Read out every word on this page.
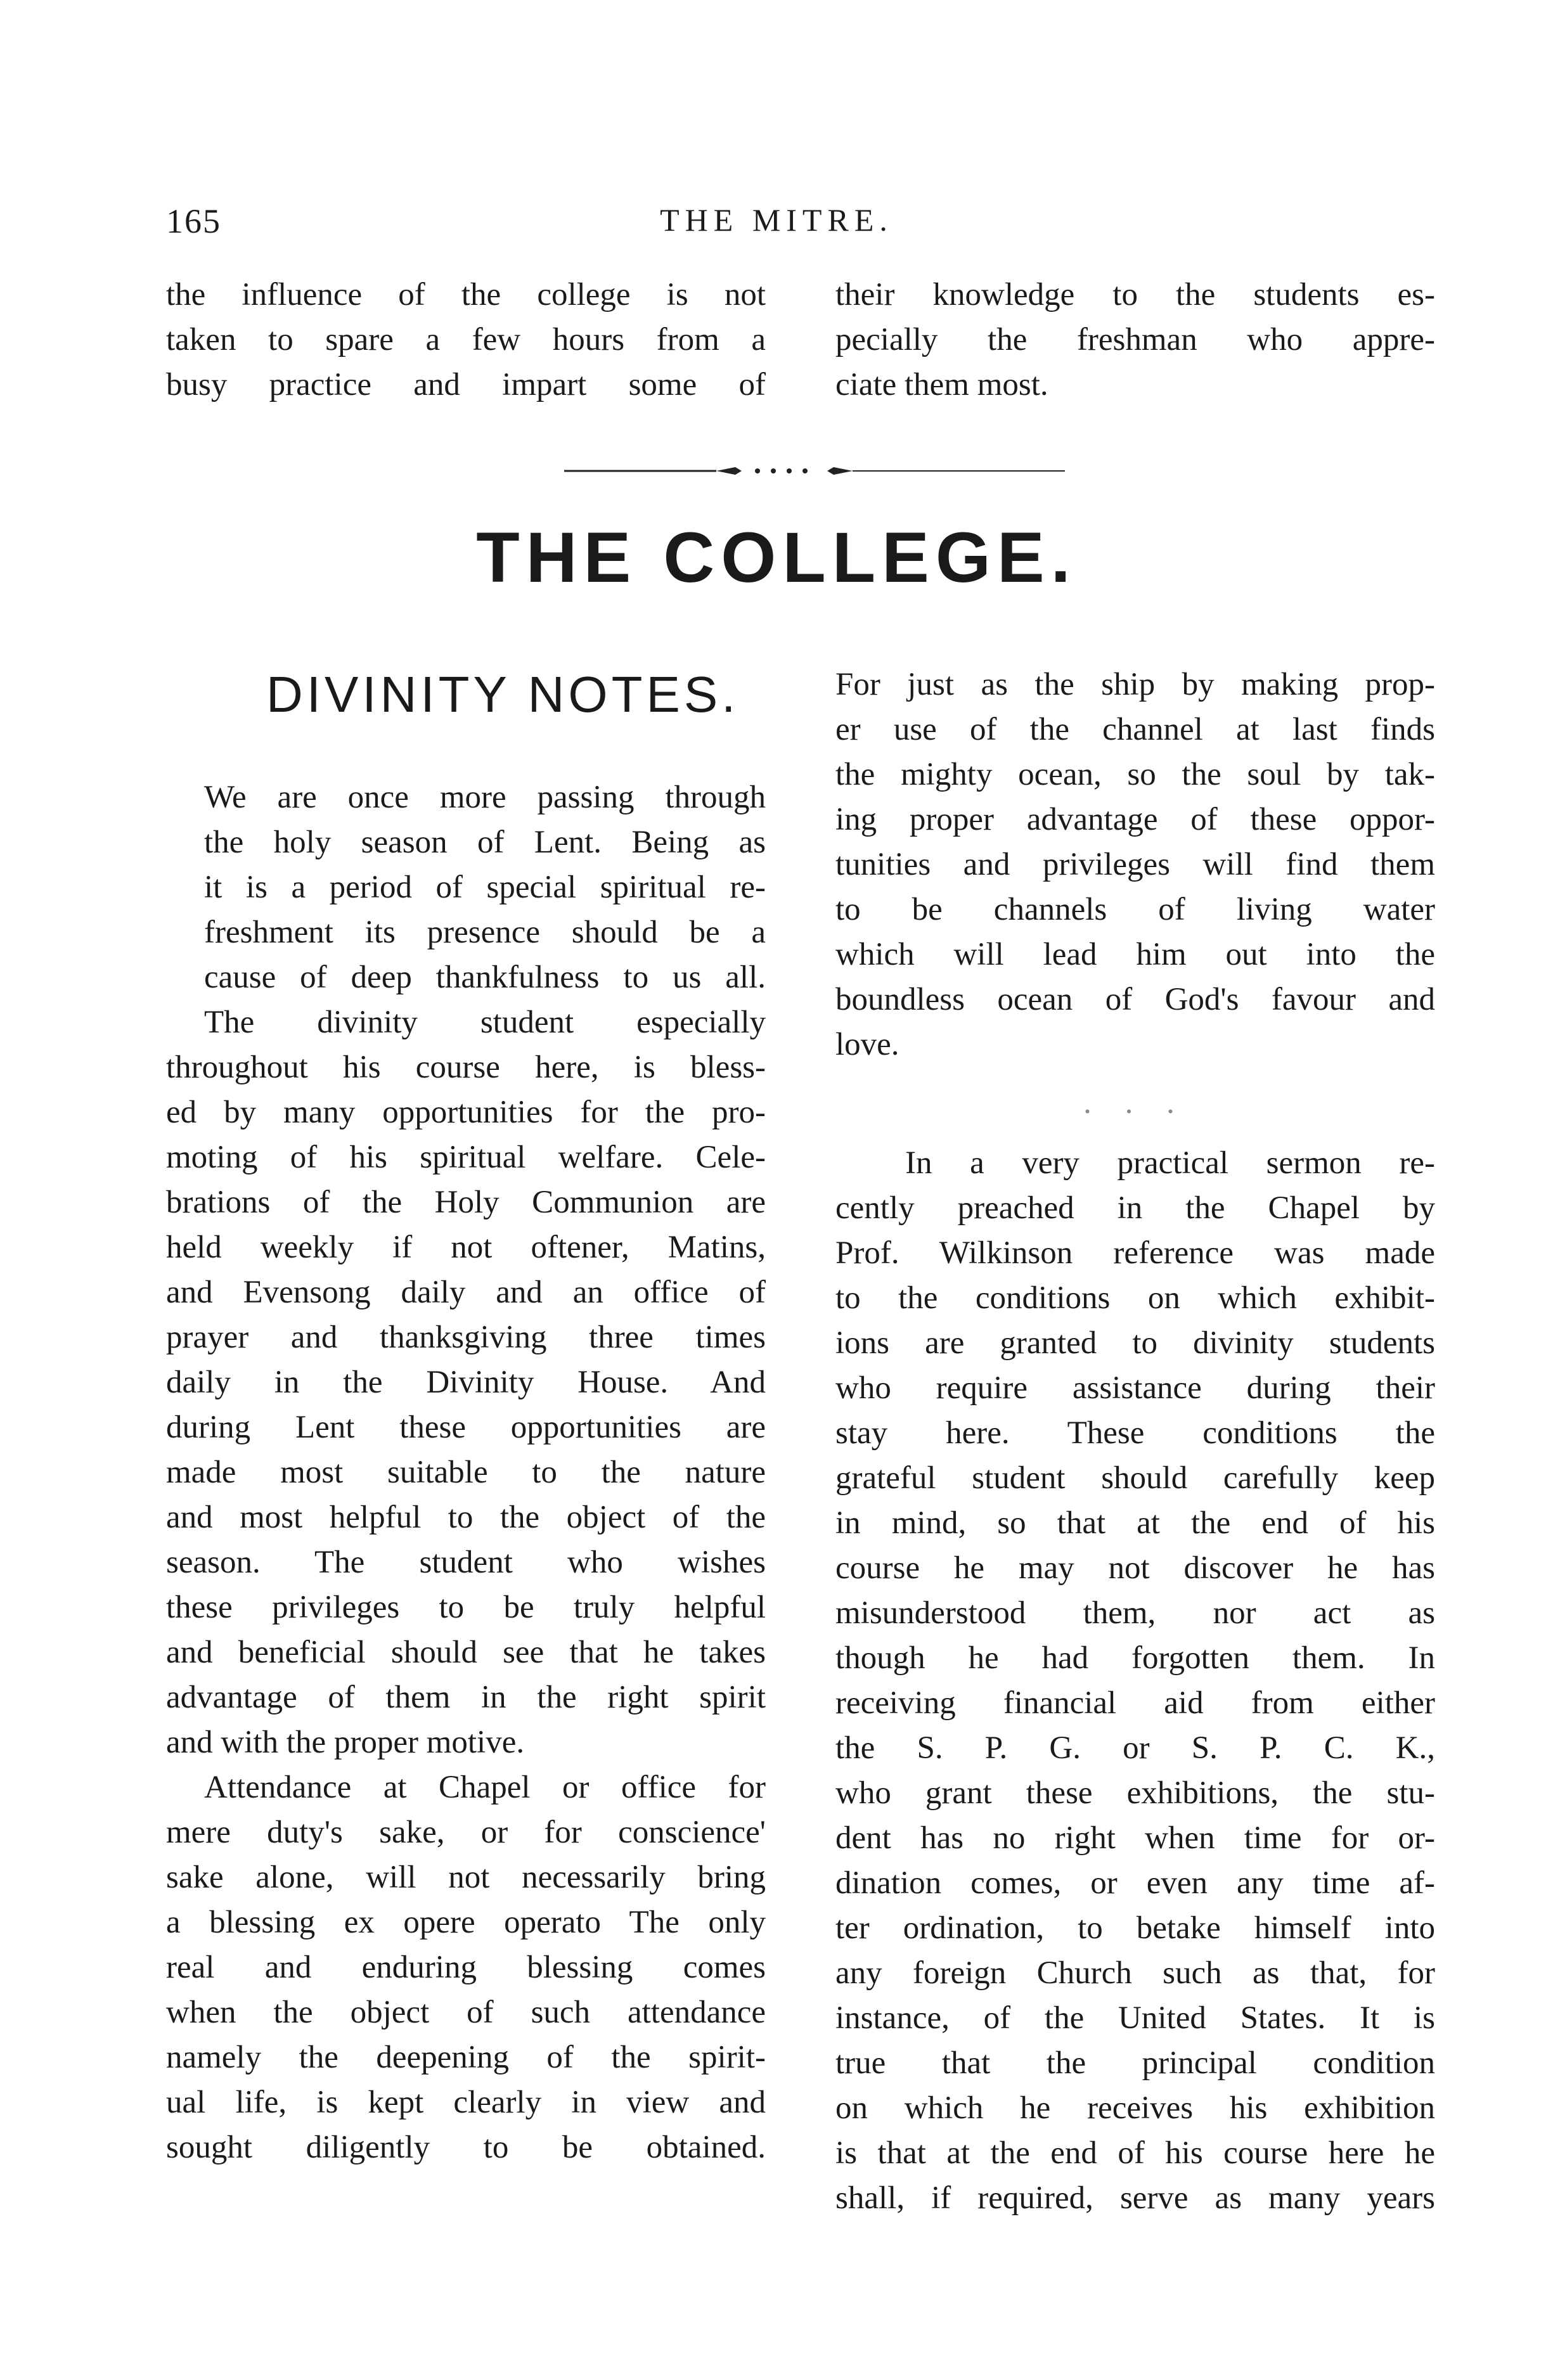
165	THE MITRE.
the influence of the college is not
taken to spare a few hours from a
busy practice and impart some of
their knowledge to the students es-
pecially the freshman who appre-
ciate them most.
THE COLLEGE.
DIVINITY NOTES.

We are once more passing through
the holy season of Lent. Being as
it is a period of special spiritual re-
freshment its presence should be a
cause of deep thankfulness to us all.

The divinity student especially
throughout his course here, is bless-
ed by many opportunities for the pro-
moting of his spiritual welfare. Cele-
brations of the Holy Communion are
held weekly if not oftener, Matins,
and Evensong daily and an office of
prayer and thanksgiving three times
daily in the Divinity House. And
during Lent these opportunities are
made most suitable to the nature
and most helpful to the object of the
season. The student who wishes
these privileges to be truly helpful
and beneficial should see that he takes
advantage of them in the right spirit
and with the proper motive.

Attendance at Chapel or office for
mere duty's sake, or for conscience'
sake alone, will not necessarily bring
a blessing ex opere operato The only
real and enduring blessing comes
when the object of such attendance
namely the deepening of the spirit-
ual life, is kept clearly in view and
sought diligently to be obtained.

For just as the ship by making prop-
er use of the channel at last finds
the mighty ocean, so the soul by tak-
ing proper advantage of these oppor-
tunities and privileges will find them
to be channels of living water
which will lead him out into the
boundless ocean of God's favour and
love.

. . .

In a very practical sermon re-
cently preached in the Chapel by
Prof. Wilkinson reference was made
to the conditions on which exhibit-
ions are granted to divinity students
who require assistance during their
stay here. These conditions the
grateful student should carefully keep
in mind, so that at the end of his
course he may not discover he has
misunderstood them, nor act as
though he had forgotten them. In
receiving financial aid from either
the S. P. G. or S. P. C. K.,
who grant these exhibitions, the stu-
dent has no right when time for or-
dination comes, or even any time af-
ter ordination, to betake himself into
any foreign Church such as that, for
instance, of the United States. It is
true that the principal condition
on which he receives his exhibition
is that at the end of his course here he
shall, if required, serve as many years
